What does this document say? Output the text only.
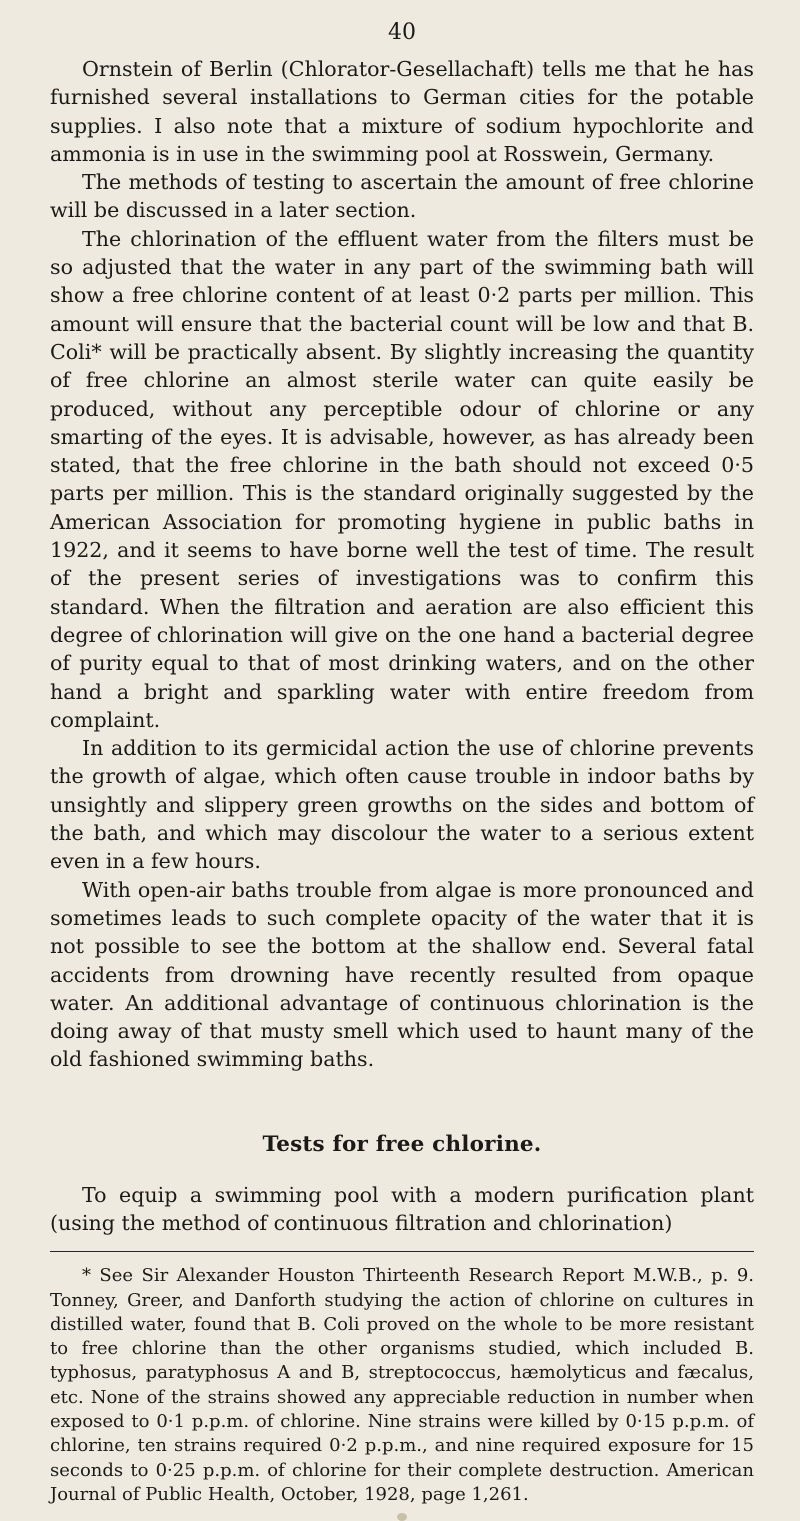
40

Ornstein of Berlin (Chlorator-Gesellachaft) tells me that he has furnished several installations to German cities for the potable supplies. I also note that a mixture of sodium hypochlorite and ammonia is in use in the swimming pool at Rosswein, Germany.

The methods of testing to ascertain the amount of free chlorine will be discussed in a later section.

The chlorination of the effluent water from the filters must be so adjusted that the water in any part of the swimming bath will show a free chlorine content of at least 0·2 parts per million. This amount will ensure that the bacterial count will be low and that B. Coli* will be practically absent. By slightly increasing the quantity of free chlorine an almost sterile water can quite easily be produced, without any perceptible odour of chlorine or any smarting of the eyes. It is advisable, however, as has already been stated, that the free chlorine in the bath should not exceed 0·5 parts per million. This is the standard originally suggested by the American Association for promoting hygiene in public baths in 1922, and it seems to have borne well the test of time. The result of the present series of investigations was to confirm this standard. When the filtration and aeration are also efficient this degree of chlorination will give on the one hand a bacterial degree of purity equal to that of most drinking waters, and on the other hand a bright and sparkling water with entire freedom from complaint.

In addition to its germicidal action the use of chlorine prevents the growth of algae, which often cause trouble in indoor baths by unsightly and slippery green growths on the sides and bottom of the bath, and which may discolour the water to a serious extent even in a few hours.

With open-air baths trouble from algae is more pronounced and sometimes leads to such complete opacity of the water that it is not possible to see the bottom at the shallow end. Several fatal accidents from drowning have recently resulted from opaque water. An additional advantage of continuous chlorination is the doing away of that musty smell which used to haunt many of the old fashioned swimming baths.

Tests for free chlorine.

To equip a swimming pool with a modern purification plant (using the method of continuous filtration and chlorination)

* See Sir Alexander Houston Thirteenth Research Report M.W.B., p. 9. Tonney, Greer, and Danforth studying the action of chlorine on cultures in distilled water, found that B. Coli proved on the whole to be more resistant to free chlorine than the other organisms studied, which included B. typhosus, paratyphosus A and B, streptococcus, hæmolyticus and fæcalus, etc. None of the strains showed any appreciable reduction in number when exposed to 0·1 p.p.m. of chlorine. Nine strains were killed by 0·15 p.p.m. of chlorine, ten strains required 0·2 p.p.m., and nine required exposure for 15 seconds to 0·25 p.p.m. of chlorine for their complete destruction. American Journal of Public Health, October, 1928, page 1,261.
